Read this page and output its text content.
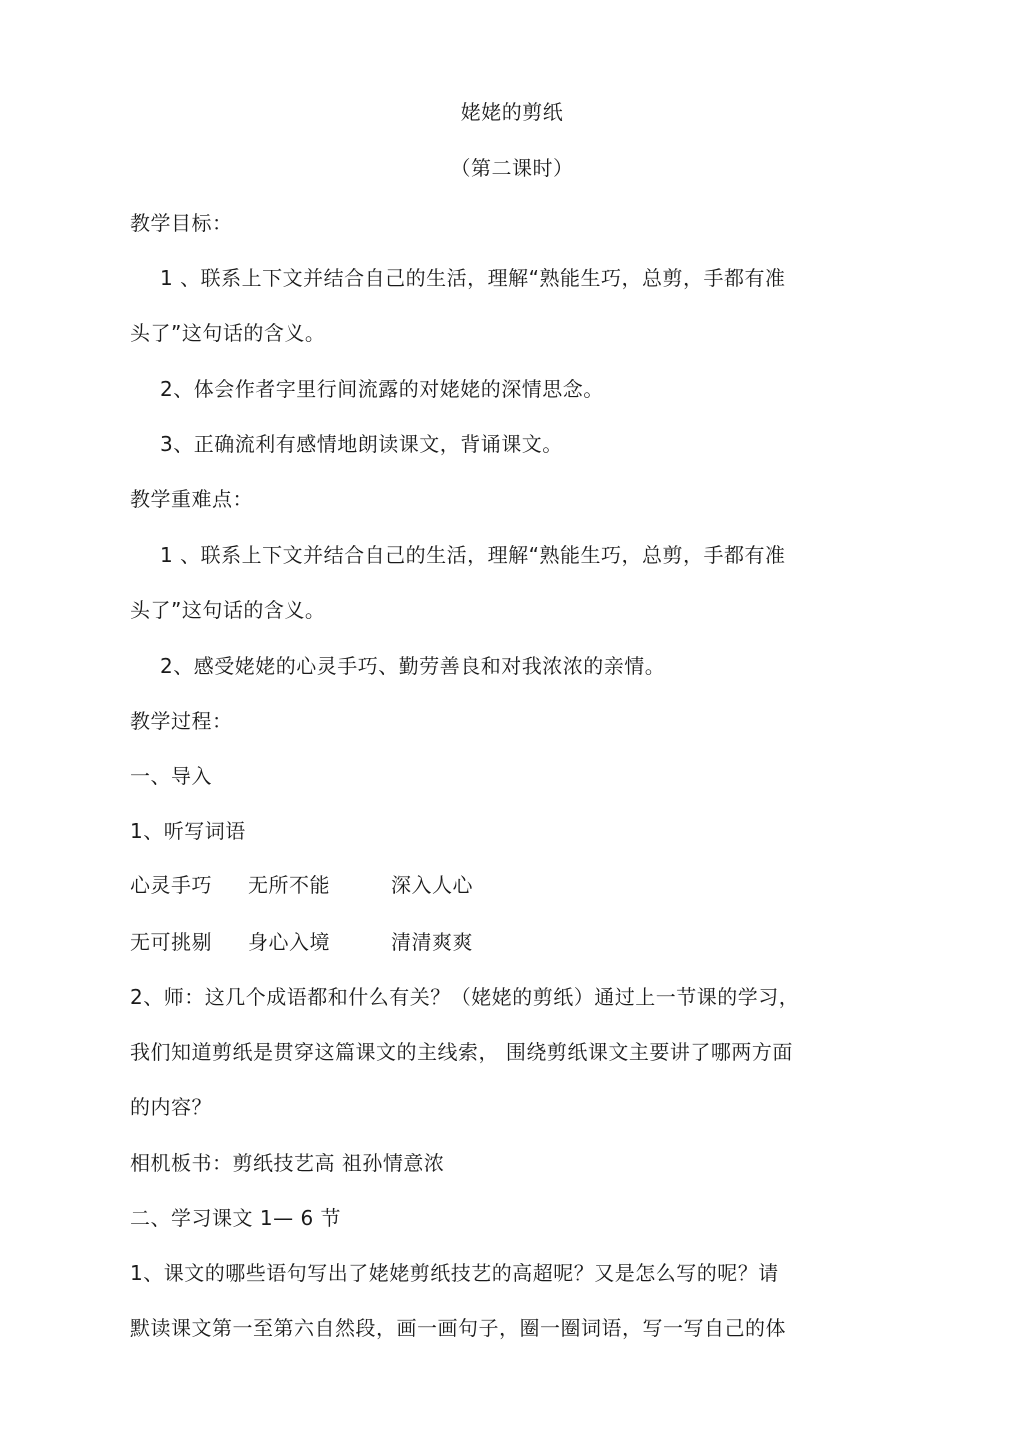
姥姥的剪纸
（第二课时）
教学目标：
1 、联系上下文并结合自己的生活，理解“熟能生巧，总剪，手都有准
头了”这句话的含义。
2、体会作者字里行间流露的对姥姥的深情思念。
3、正确流利有感情地朗读课文，背诵课文。
教学重难点：
1 、联系上下文并结合自己的生活，理解“熟能生巧，总剪，手都有准
头了”这句话的含义。
2、感受姥姥的心灵手巧、勤劳善良和对我浓浓的亲情。
教学过程：
一、导入
1、听写词语
心灵手巧 无所不能	深入人心
无可挑剔 身心入境	清清爽爽
2、师：这几个成语都和什么有关？（姥姥的剪纸）通过上一节课的学习，
我们知道剪纸是贯穿这篇课文的主线索， 围绕剪纸课文主要讲了哪两方面
的内容？
相机板书：剪纸技艺高 祖孙情意浓
二、学习课文 1— 6 节
1、课文的哪些语句写出了姥姥剪纸技艺的高超呢？又是怎么写的呢？请
默读课文第一至第六自然段，画一画句子，圈一圈词语，写一写自己的体
